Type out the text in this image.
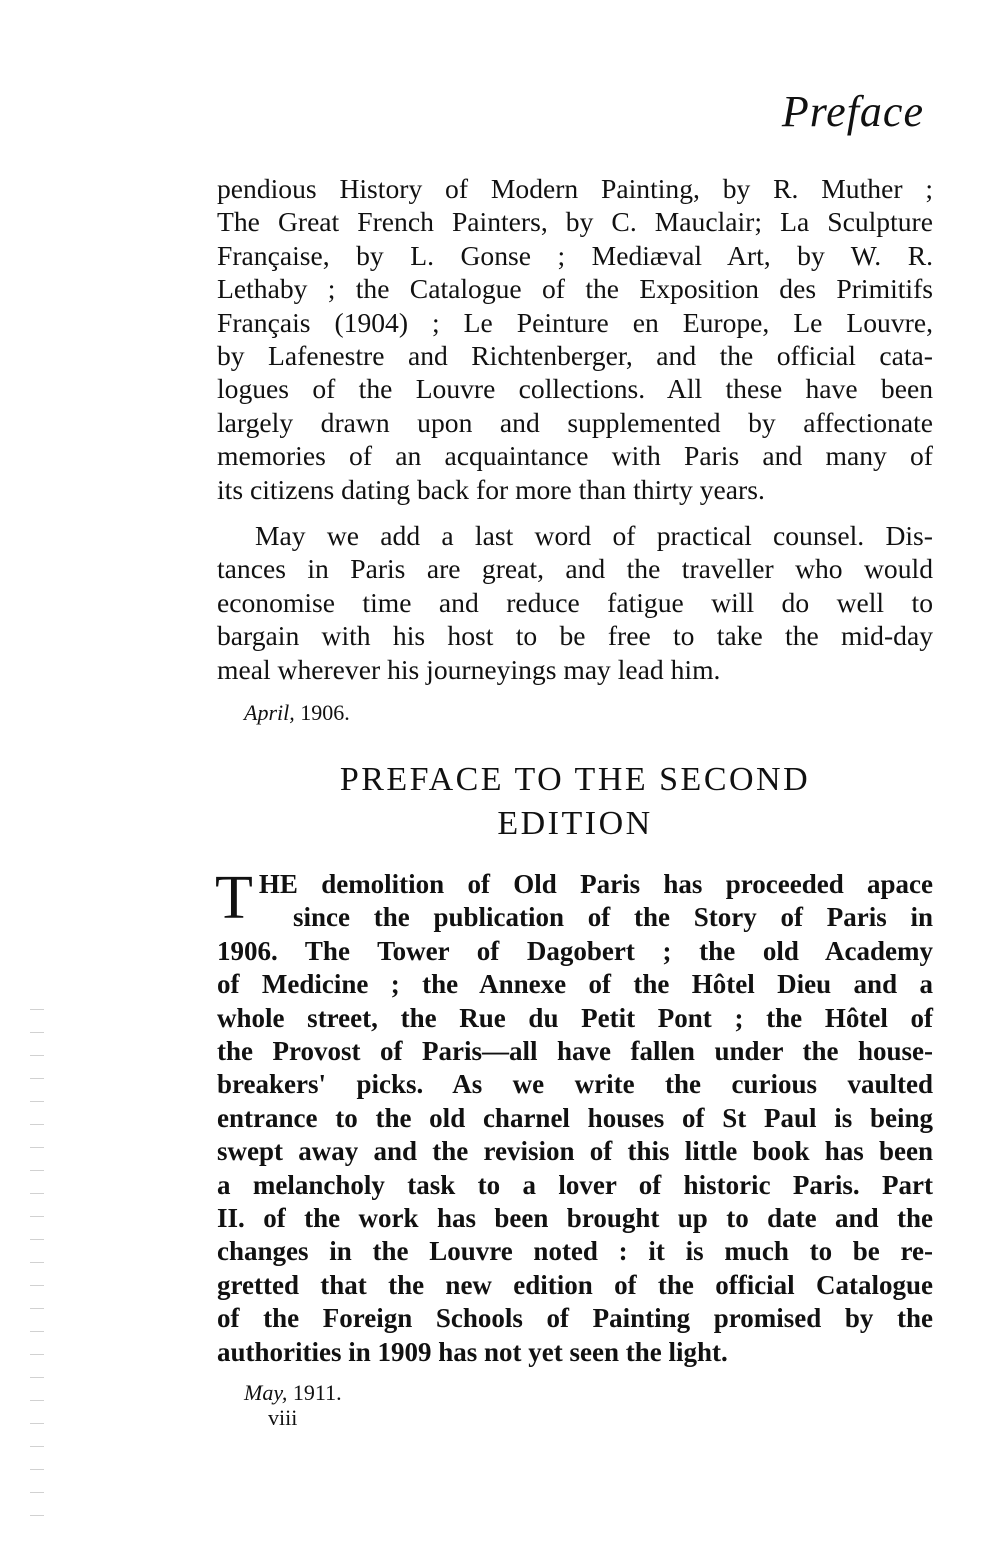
Preface
pendious History of Modern Painting, by R. Muther ;
The Great French Painters, by C. Mauclair; La Sculpture
Française, by L. Gonse ; Mediæval Art, by W. R.
Lethaby ; the Catalogue of the Exposition des Primitifs
Français (1904) ; Le Peinture en Europe, Le Louvre,
by Lafenestre and Richtenberger, and the official cata-
logues of the Louvre collections. All these have been
largely drawn upon and supplemented by affectionate
memories of an acquaintance with Paris and many of
its citizens dating back for more than thirty years.
May we add a last word of practical counsel. Dis-
tances in Paris are great, and the traveller who would
economise time and reduce fatigue will do well to
bargain with his host to be free to take the mid-day
meal wherever his journeyings may lead him.
April, 1906.
PREFACE TO THE SECOND
EDITION
T HE demolition of Old Paris has proceeded apace
since the publication of the Story of Paris in
1906. The Tower of Dagobert ; the old Academy
of Medicine ; the Annexe of the Hôtel Dieu and a
whole street, the Rue du Petit Pont ; the Hôtel of
the Provost of Paris—all have fallen under the house-
breakers' picks. As we write the curious vaulted
entrance to the old charnel houses of St Paul is being
swept away and the revision of this little book has been
a melancholy task to a lover of historic Paris. Part
II. of the work has been brought up to date and the
changes in the Louvre noted : it is much to be re-
gretted that the new edition of the official Catalogue
of the Foreign Schools of Painting promised by the
authorities in 1909 has not yet seen the light.
May, 1911.
viii
